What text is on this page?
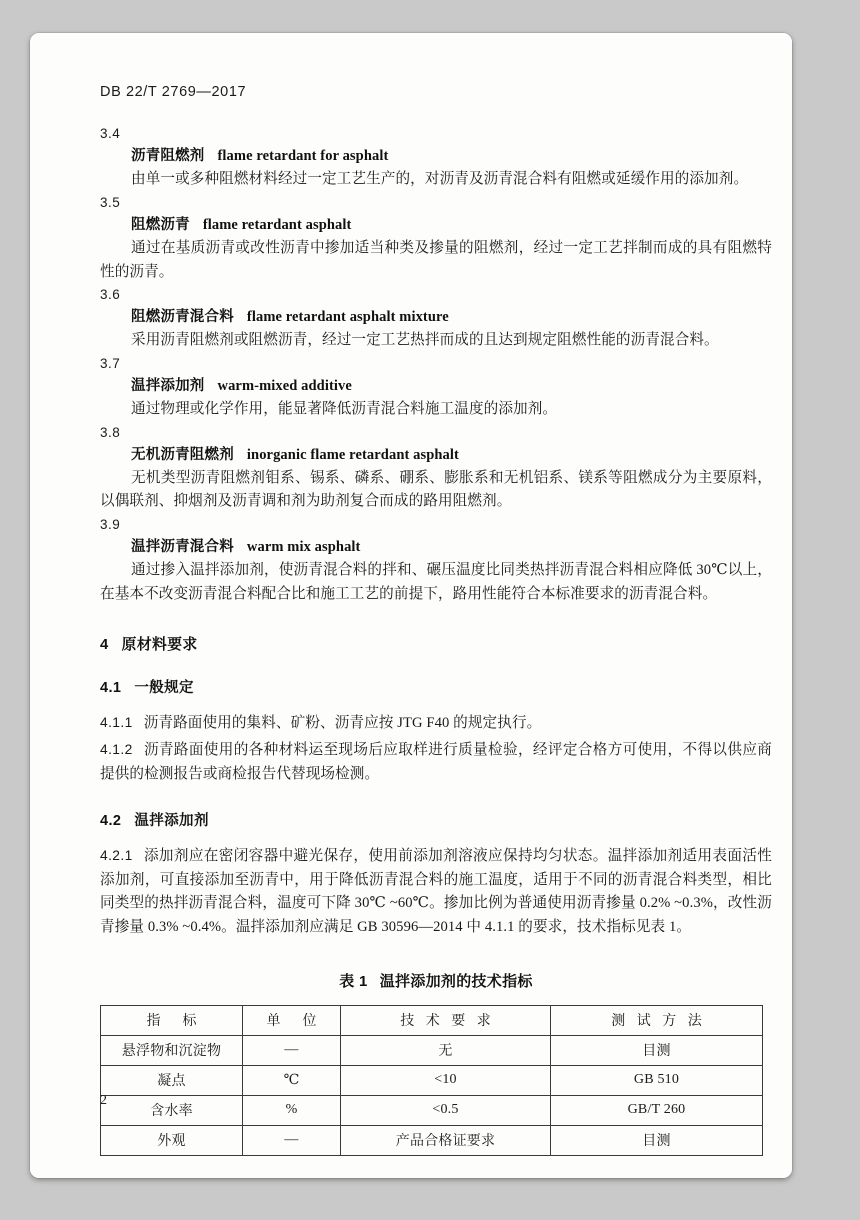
DB 22/T 2769—2017
3.4
沥青阻燃剂 flame retardant for asphalt
由单一或多种阻燃材料经过一定工艺生产的，对沥青及沥青混合料有阻燃或延缓作用的添加剂。
3.5
阻燃沥青 flame retardant asphalt
通过在基质沥青或改性沥青中掺加适当种类及掺量的阻燃剂，经过一定工艺拌制而成的具有阻燃特性的沥青。
3.6
阻燃沥青混合料 flame retardant asphalt mixture
采用沥青阻燃剂或阻燃沥青，经过一定工艺热拌而成的且达到规定阻燃性能的沥青混合料。
3.7
温拌添加剂 warm-mixed additive
通过物理或化学作用，能显著降低沥青混合料施工温度的添加剂。
3.8
无机沥青阻燃剂 inorganic flame retardant asphalt
无机类型沥青阻燃剂钼系、锡系、磷系、硼系、膨胀系和无机铝系、镁系等阻燃成分为主要原料，以偶联剂、抑烟剂及沥青调和剂为助剂复合而成的路用阻燃剂。
3.9
温拌沥青混合料 warm mix asphalt
通过掺入温拌添加剂，使沥青混合料的拌和、碾压温度比同类热拌沥青混合料相应降低 30℃以上，在基本不改变沥青混合料配合比和施工工艺的前提下，路用性能符合本标准要求的沥青混合料。
4 原材料要求
4.1 一般规定
4.1.1 沥青路面使用的集料、矿粉、沥青应按 JTG F40 的规定执行。
4.1.2 沥青路面使用的各种材料运至现场后应取样进行质量检验，经评定合格方可使用，不得以供应商提供的检测报告或商检报告代替现场检测。
4.2 温拌添加剂
4.2.1 添加剂应在密闭容器中避光保存，使用前添加剂溶液应保持均匀状态。温拌添加剂适用表面活性添加剂，可直接添加至沥青中，用于降低沥青混合料的施工温度，适用于不同的沥青混合料类型，相比同类型的热拌沥青混合料，温度可下降 30℃ ~60℃。掺加比例为普通使用沥青掺量 0.2% ~0.3%，改性沥青掺量 0.3% ~0.4%。温拌添加剂应满足 GB 30596—2014 中 4.1.1 的要求，技术指标见表 1。
表 1 温拌添加剂的技术指标
指　标	单　位	技 术 要 求	测 试 方 法
悬浮物和沉淀物	—	无	目测
凝点	℃	<10	GB 510
含水率	%	<0.5	GB/T 260
外观	—	产品合格证要求	目测
2
